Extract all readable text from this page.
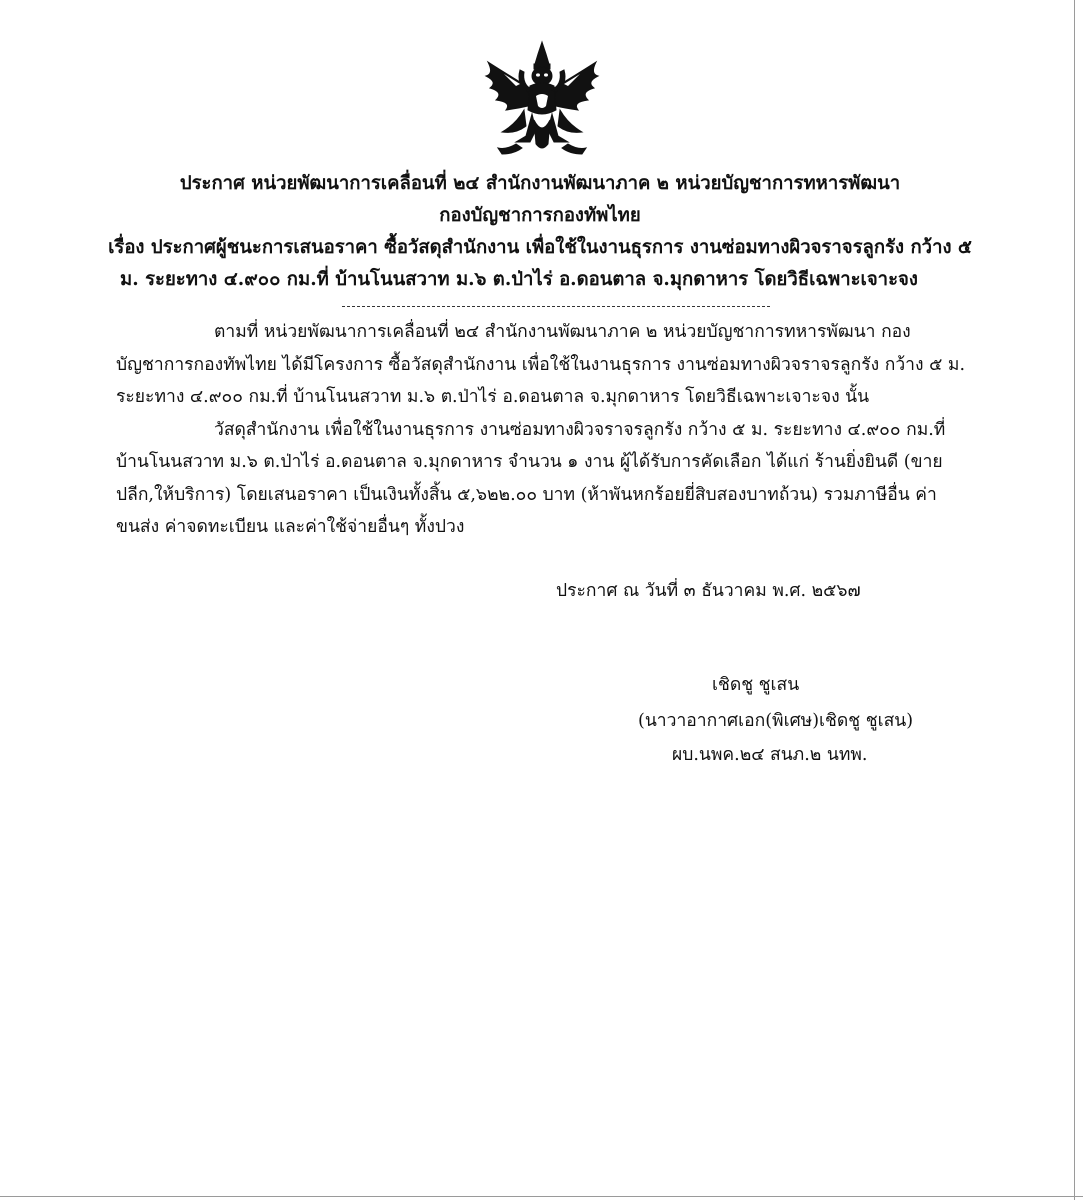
ประกาศ หน่วยพัฒนาการเคลื่อนที่ ๒๔ สำนักงานพัฒนาภาค ๒ หน่วยบัญชาการทหารพัฒนา
กองบัญชาการกองทัพไทย
เรื่อง ประกาศผู้ชนะการเสนอราคา ซื้อวัสดุสำนักงาน เพื่อใช้ในงานธุรการ งานซ่อมทางผิวจราจรลูกรัง กว้าง ๕
ม. ระยะทาง ๔.๙๐๐ กม.ที่ บ้านโนนสวาท ม.๖ ต.ป่าไร่ อ.ดอนตาล จ.มุกดาหาร โดยวิธีเฉพาะเจาะจง
ตามที่ หน่วยพัฒนาการเคลื่อนที่ ๒๔ สำนักงานพัฒนาภาค ๒ หน่วยบัญชาการทหารพัฒนา กอง
บัญชาการกองทัพไทย ได้มีโครงการ ซื้อวัสดุสำนักงาน เพื่อใช้ในงานธุรการ งานซ่อมทางผิวจราจรลูกรัง กว้าง ๕ ม.
ระยะทาง ๔.๙๐๐ กม.ที่ บ้านโนนสวาท ม.๖ ต.ป่าไร่ อ.ดอนตาล จ.มุกดาหาร โดยวิธีเฉพาะเจาะจง นั้น
วัสดุสำนักงาน เพื่อใช้ในงานธุรการ งานซ่อมทางผิวจราจรลูกรัง กว้าง ๕ ม. ระยะทาง ๔.๙๐๐ กม.ที่
บ้านโนนสวาท ม.๖ ต.ป่าไร่ อ.ดอนตาล จ.มุกดาหาร จำนวน ๑ งาน ผู้ได้รับการคัดเลือก ได้แก่ ร้านยิ่งยินดี (ขาย
ปลีก,ให้บริการ) โดยเสนอราคา เป็นเงินทั้งสิ้น ๕,๖๒๒.๐๐ บาท (ห้าพันหกร้อยยี่สิบสองบาทถ้วน) รวมภาษีอื่น ค่า
ขนส่ง ค่าจดทะเบียน และค่าใช้จ่ายอื่นๆ ทั้งปวง
ประกาศ ณ วันที่ ๓ ธันวาคม พ.ศ. ๒๕๖๗
เชิดชู ชูเสน
(นาวาอากาศเอก(พิเศษ)เชิดชู ชูเสน)
ผบ.นพค.๒๔ สนภ.๒ นทพ.
